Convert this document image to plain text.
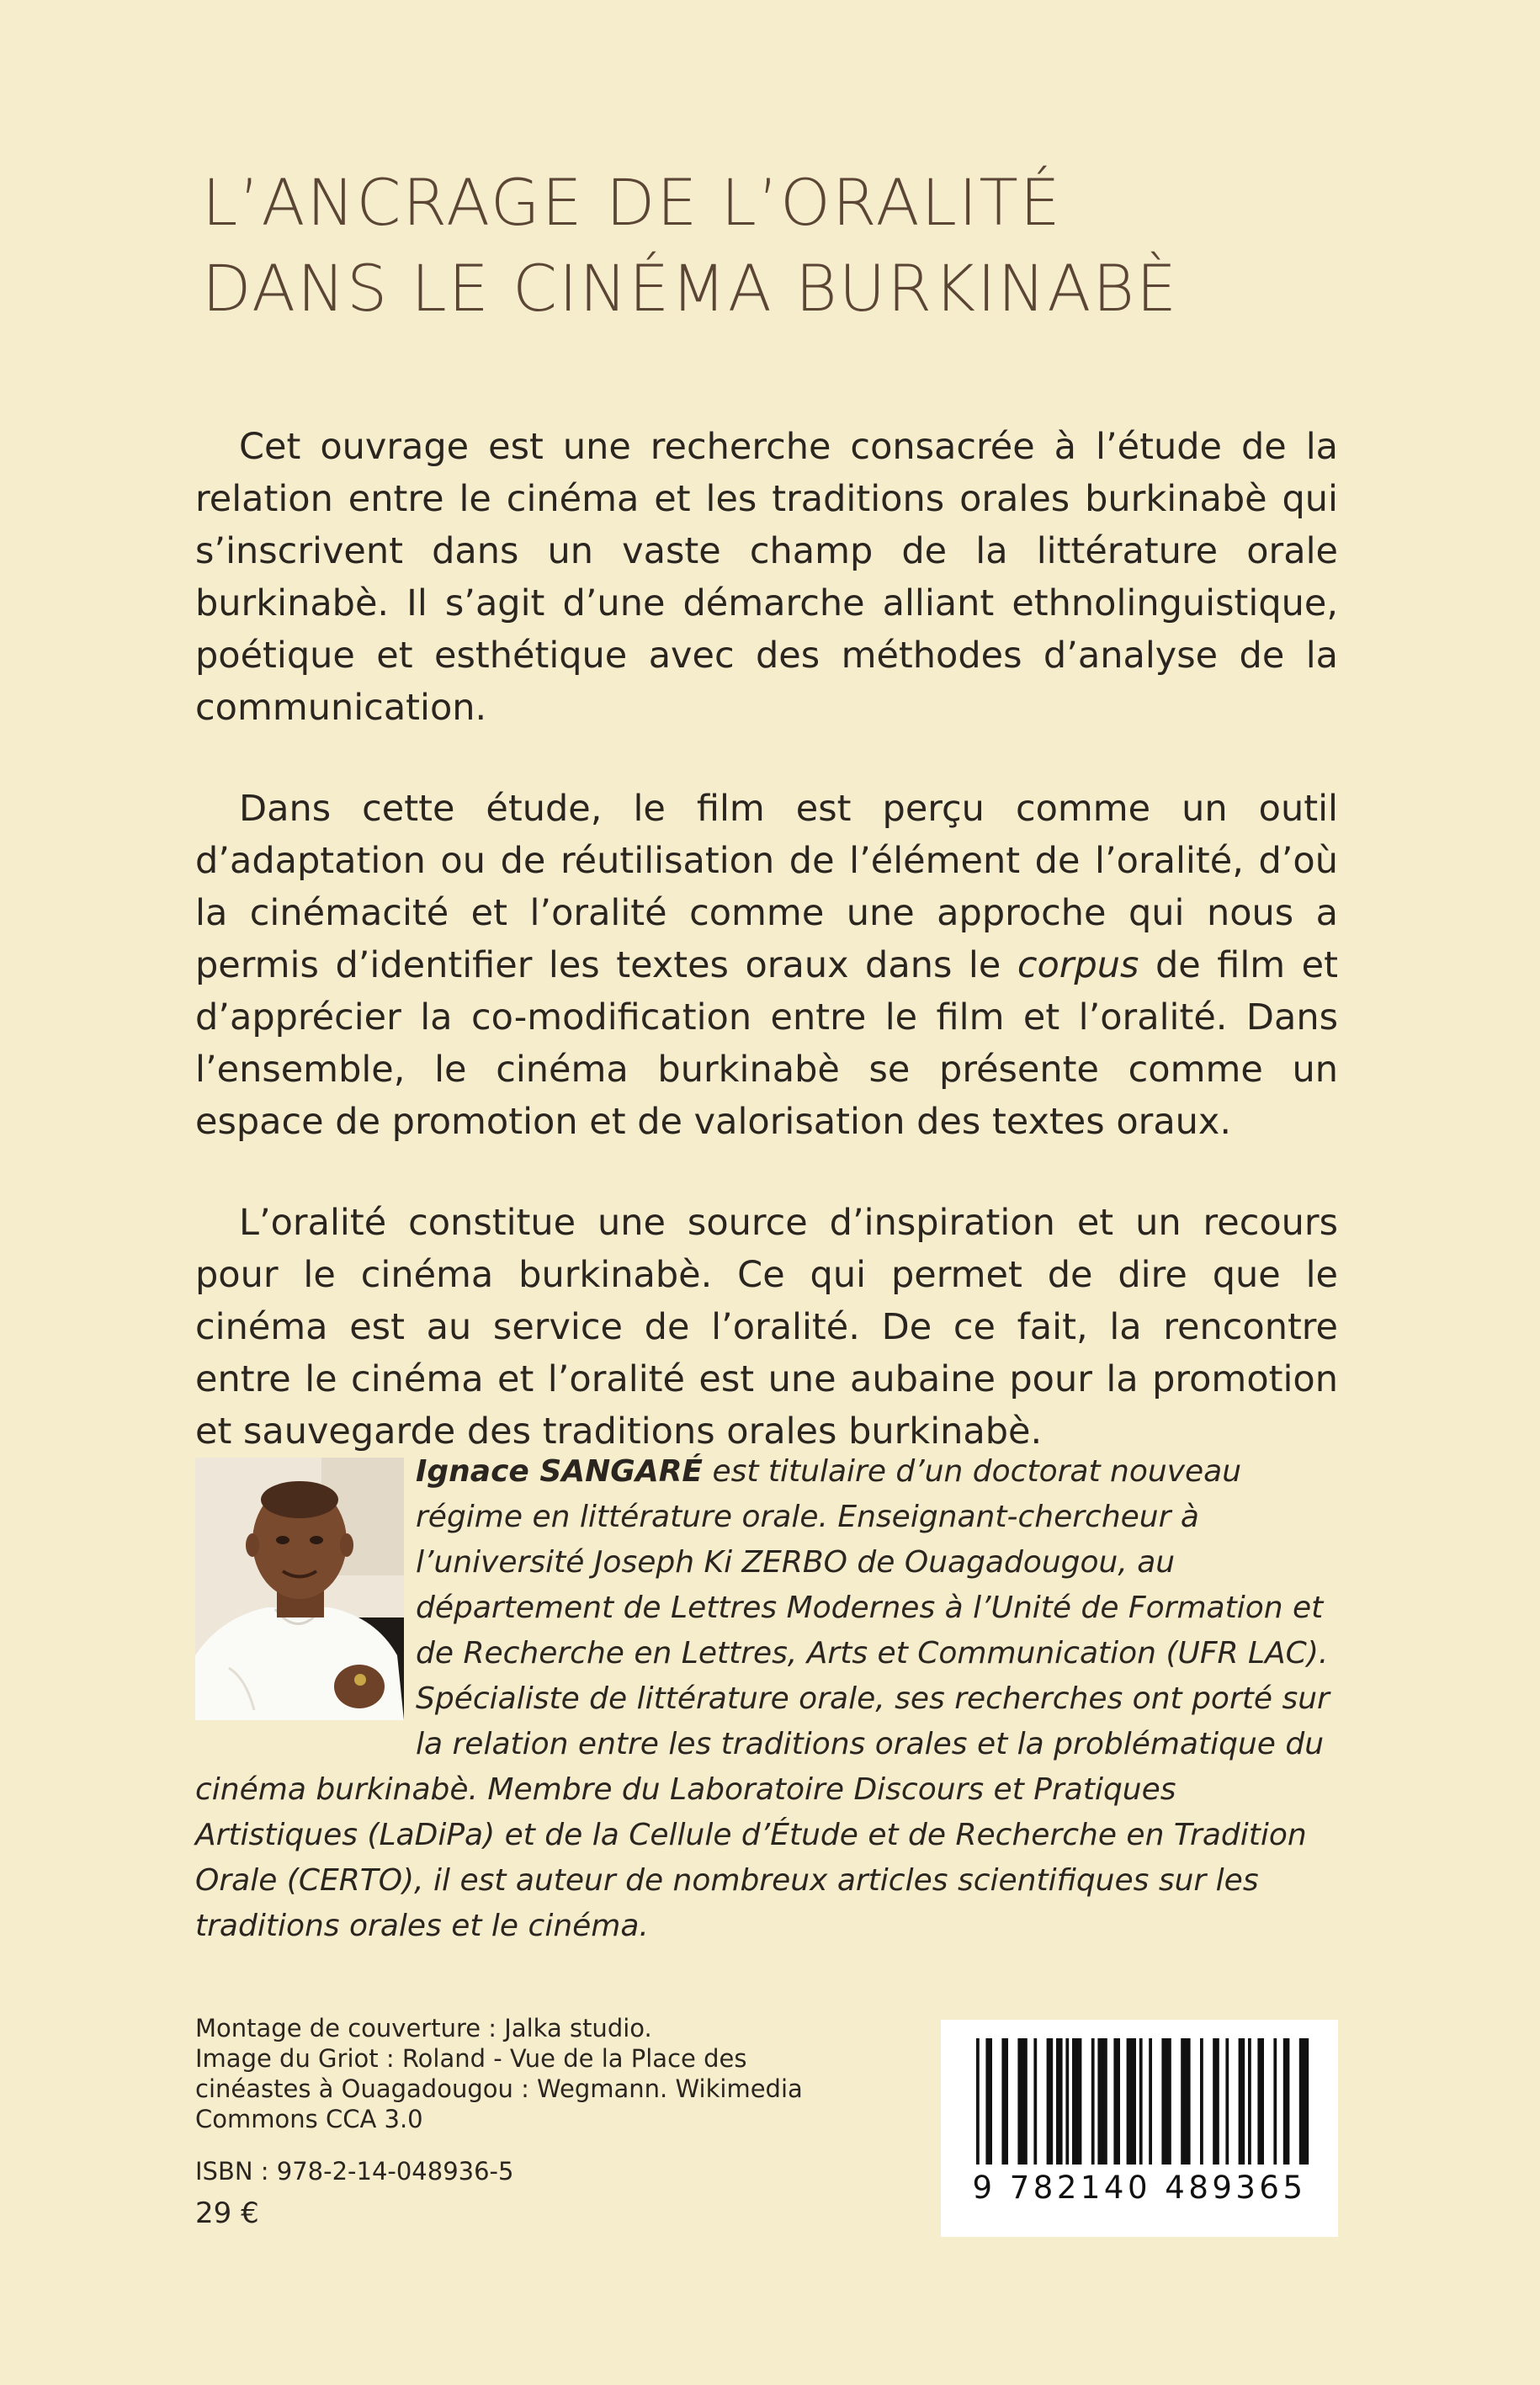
L’ANCRAGE DE L’ORALITÉ
DANS LE CINÉMA BURKINABÈ

Cet ouvrage est une recherche consacrée à l’étude de la relation entre le cinéma et les traditions orales burkinabè qui s’inscrivent dans un vaste champ de la littérature orale burkinabè. Il s’agit d’une démarche alliant ethnolinguistique, poétique et esthétique avec des méthodes d’analyse de la communication.

Dans cette étude, le film est perçu comme un outil d’adaptation ou de réutilisation de l’élément de l’oralité, d’où la cinémacité et l’oralité comme une approche qui nous a permis d’identifier les textes oraux dans le corpus de film et d’apprécier la co-modification entre le film et l’oralité. Dans l’ensemble, le cinéma burkinabè se présente comme un espace de promotion et de valorisation des textes oraux.

L’oralité constitue une source d’inspiration et un recours pour le cinéma burkinabè. Ce qui permet de dire que le cinéma est au service de l’oralité. De ce fait, la rencontre entre le cinéma et l’oralité est une aubaine pour la promotion et sauvegarde des traditions orales burkinabè.

Ignace SANGARÉ est titulaire d’un doctorat nouveau régime en littérature orale. Enseignant-chercheur à l’université Joseph Ki ZERBO de Ouagadougou, au département de Lettres Modernes à l’Unité de Formation et de Recherche en Lettres, Arts et Communication (UFR LAC). Spécialiste de littérature orale, ses recherches ont porté sur la relation entre les traditions orales et la problématique du cinéma burkinabè. Membre du Laboratoire Discours et Pratiques Artistiques (LaDiPa) et de la Cellule d’Étude et de Recherche en Tradition Orale (CERTO), il est auteur de nombreux articles scientifiques sur les traditions orales et le cinéma.
Montage de couverture : Jalka studio.
Image du Griot : Roland - Vue de la Place des
cinéastes à Ouagadougou : Wegmann. Wikimedia
Commons CCA 3.0
ISBN : 978-2-14-048936-5
29 €
9 782140 489365
